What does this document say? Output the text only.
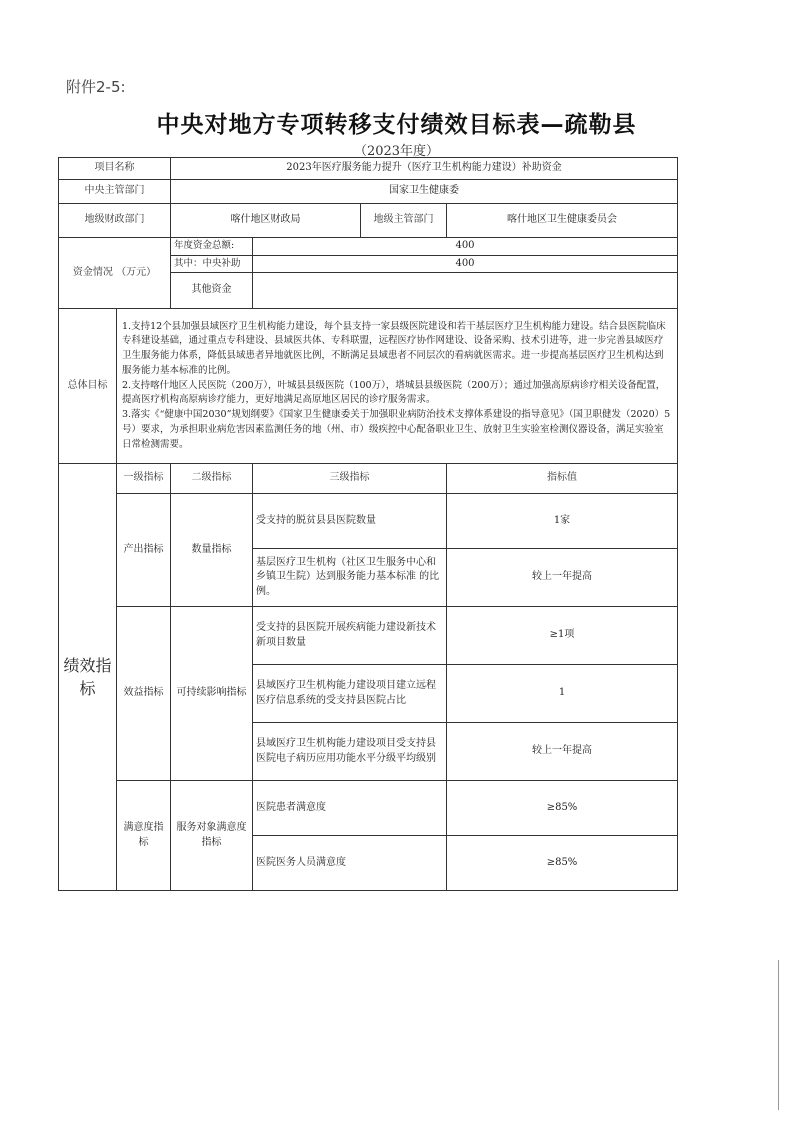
附件2-5:
中央对地方专项转移支付绩效目标表—疏勒县
（2023年度）
项目名称		2023年医疗服务能力提升（医疗卫生机构能力建设）补助资金			
中央主管部门		国家卫生健康委			
地级财政部门		喀什地区财政局		地级主管部门	喀什地区卫生健康委员会
资金情况 （万元）		年度资金总额:	400		
		其中：中央补助	400		
		其他资金			
总体目标	1.支持12个县加强县域医疗卫生机构能力建设，每个县支持一家县级医院建设和若干基层医疗卫生机构能力建设。结合县医院临床专科建设基础，通过重点专科建设、县域医共体、专科联盟，远程医疗协作网建设、设备采购、技术引进等，进一步完善县域医疗卫生服务能力体系，降低县域患者异地就医比例，不断满足县域患者不同层次的看病就医需求。进一步提高基层医疗卫生机构达到服务能力基本标准的比例。
2.支持喀什地区人民医院（200万），叶城县县级医院（100万），塔城县县级医院（200万）；通过加强高原病诊疗相关设备配置，提高医疗机构高原病诊疗能力，更好地满足高原地区居民的诊疗服务需求。
3.落实《“健康中国2030”规划纲要》《国家卫生健康委关于加强职业病防治技术支撑体系建设的指导意见》（国卫职健发（2020）5号）要求，为承担职业病危害因素监测任务的地（州、市）级疾控中心配备职业卫生、放射卫生实验室检测仪器设备，满足实验室日常检测需要。				

绩效指标	一级指标	二级指标	三级指标		指标值
	产出指标	数量指标	受支持的脱贫县县医院数量		1家
			基层医疗卫生机构（社区卫生服务中心和乡镇卫生院）达到服务能力基本标准 的比例。		较上一年提高
	效益指标	可持续影响指标	受支持的县医院开展疾病能力建设新技术新项目数量		≥1项
			县域医疗卫生机构能力建设项目建立远程医疗信息系统的受支持县医院占比		1
			县域医疗卫生机构能力建设项目受支持县医院电子病历应用功能水平分级平均级别		较上一年提高
	满意度指标	服务对象满意度指标	医院患者满意度		≥85%
			医院医务人员满意度		≥85%
